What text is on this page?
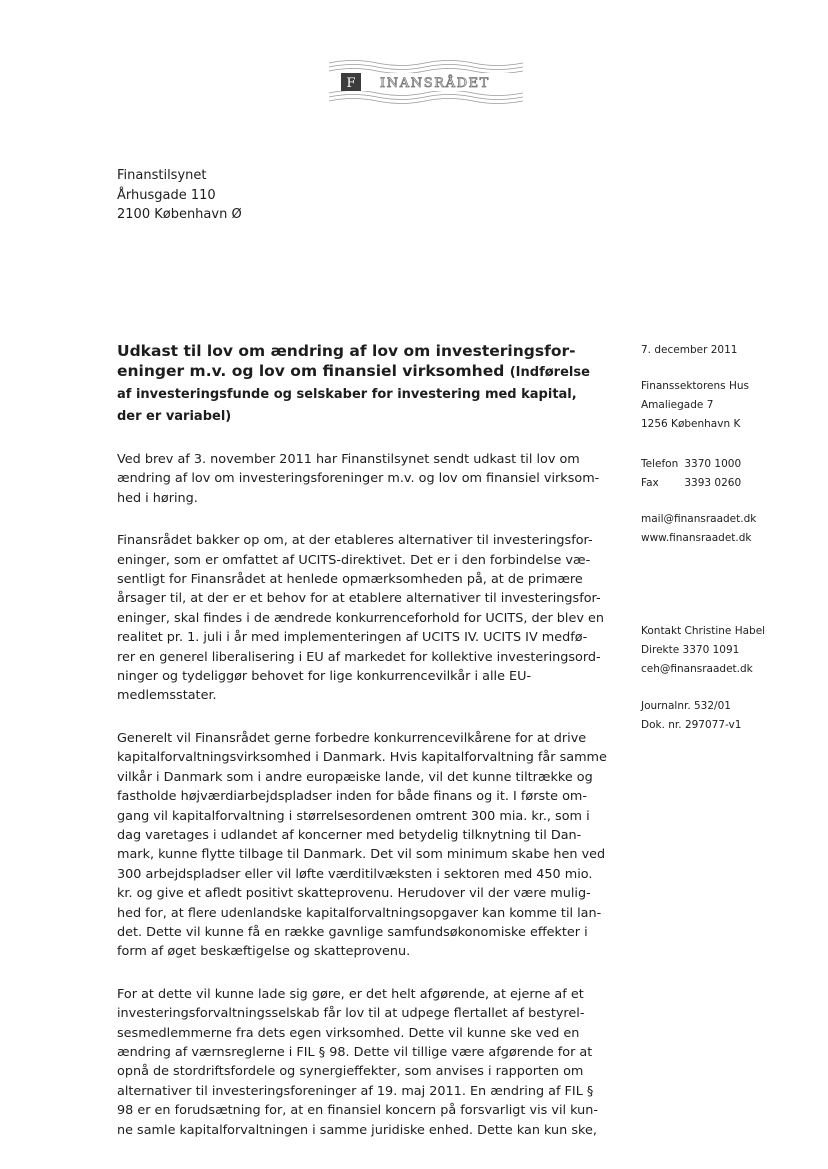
F INANSRÅDET
Finanstilsynet
Århusgade 110
2100 København Ø
Udkast til lov om ændring af lov om investeringsfor- eninger m.v. og lov om finansiel virksomhed (Indførelse af investeringsfunde og selskaber for investering med kapital, der er variabel)
Ved brev af 3. november 2011 har Finanstilsynet sendt udkast til lov om
ændring af lov om investeringsforeninger m.v. og lov om finansiel virksom-
hed i høring.
Finansrådet bakker op om, at der etableres alternativer til investeringsfor-
eninger, som er omfattet af UCITS-direktivet. Det er i den forbindelse væ-
sentligt for Finansrådet at henlede opmærksomheden på, at de primære
årsager til, at der er et behov for at etablere alternativer til investeringsfor-
eninger, skal findes i de ændrede konkurrenceforhold for UCITS, der blev en
realitet pr. 1. juli i år med implementeringen af UCITS IV. UCITS IV medfø-
rer en generel liberalisering i EU af markedet for kollektive investeringsord-
ninger og tydeliggør behovet for lige konkurrencevilkår i alle EU-
medlemsstater.
Generelt vil Finansrådet gerne forbedre konkurrencevilkårene for at drive
kapitalforvaltningsvirksomhed i Danmark. Hvis kapitalforvaltning får samme
vilkår i Danmark som i andre europæiske lande, vil det kunne tiltrække og
fastholde højværdiarbejdspladser inden for både finans og it. I første om-
gang vil kapitalforvaltning i størrelsesordenen omtrent 300 mia. kr., som i
dag varetages i udlandet af koncerner med betydelig tilknytning til Dan-
mark, kunne flytte tilbage til Danmark. Det vil som minimum skabe hen ved
300 arbejdspladser eller vil løfte værditilvæksten i sektoren med 450 mio.
kr. og give et afledt positivt skatteprovenu. Herudover vil der være mulig-
hed for, at flere udenlandske kapitalforvaltningsopgaver kan komme til lan-
det. Dette vil kunne få en række gavnlige samfundsøkonomiske effekter i
form af øget beskæftigelse og skatteprovenu.
For at dette vil kunne lade sig gøre, er det helt afgørende, at ejerne af et
investeringsforvaltningsselskab får lov til at udpege flertallet af bestyrel-
sesmedlemmerne fra dets egen virksomhed. Dette vil kunne ske ved en
ændring af værnsreglerne i FIL § 98. Dette vil tillige være afgørende for at
opnå de stordriftsfordele og synergieffekter, som anvises i rapporten om
alternativer til investeringsforeninger af 19. maj 2011. En ændring af FIL §
98 er en forudsætning for, at en finansiel koncern på forsvarligt vis vil kun-
ne samle kapitalforvaltningen i samme juridiske enhed. Dette kan kun ske,
7. december 2011
Finanssektorens Hus
Amaliegade 7
1256 København K
Telefon 3370 1000
Fax 3393 0260
mail@finansraadet.dk
www.finansraadet.dk
Kontakt Christine Habel
Direkte 3370 1091
ceh@finansraadet.dk
Journalnr. 532/01
Dok. nr. 297077-v1
